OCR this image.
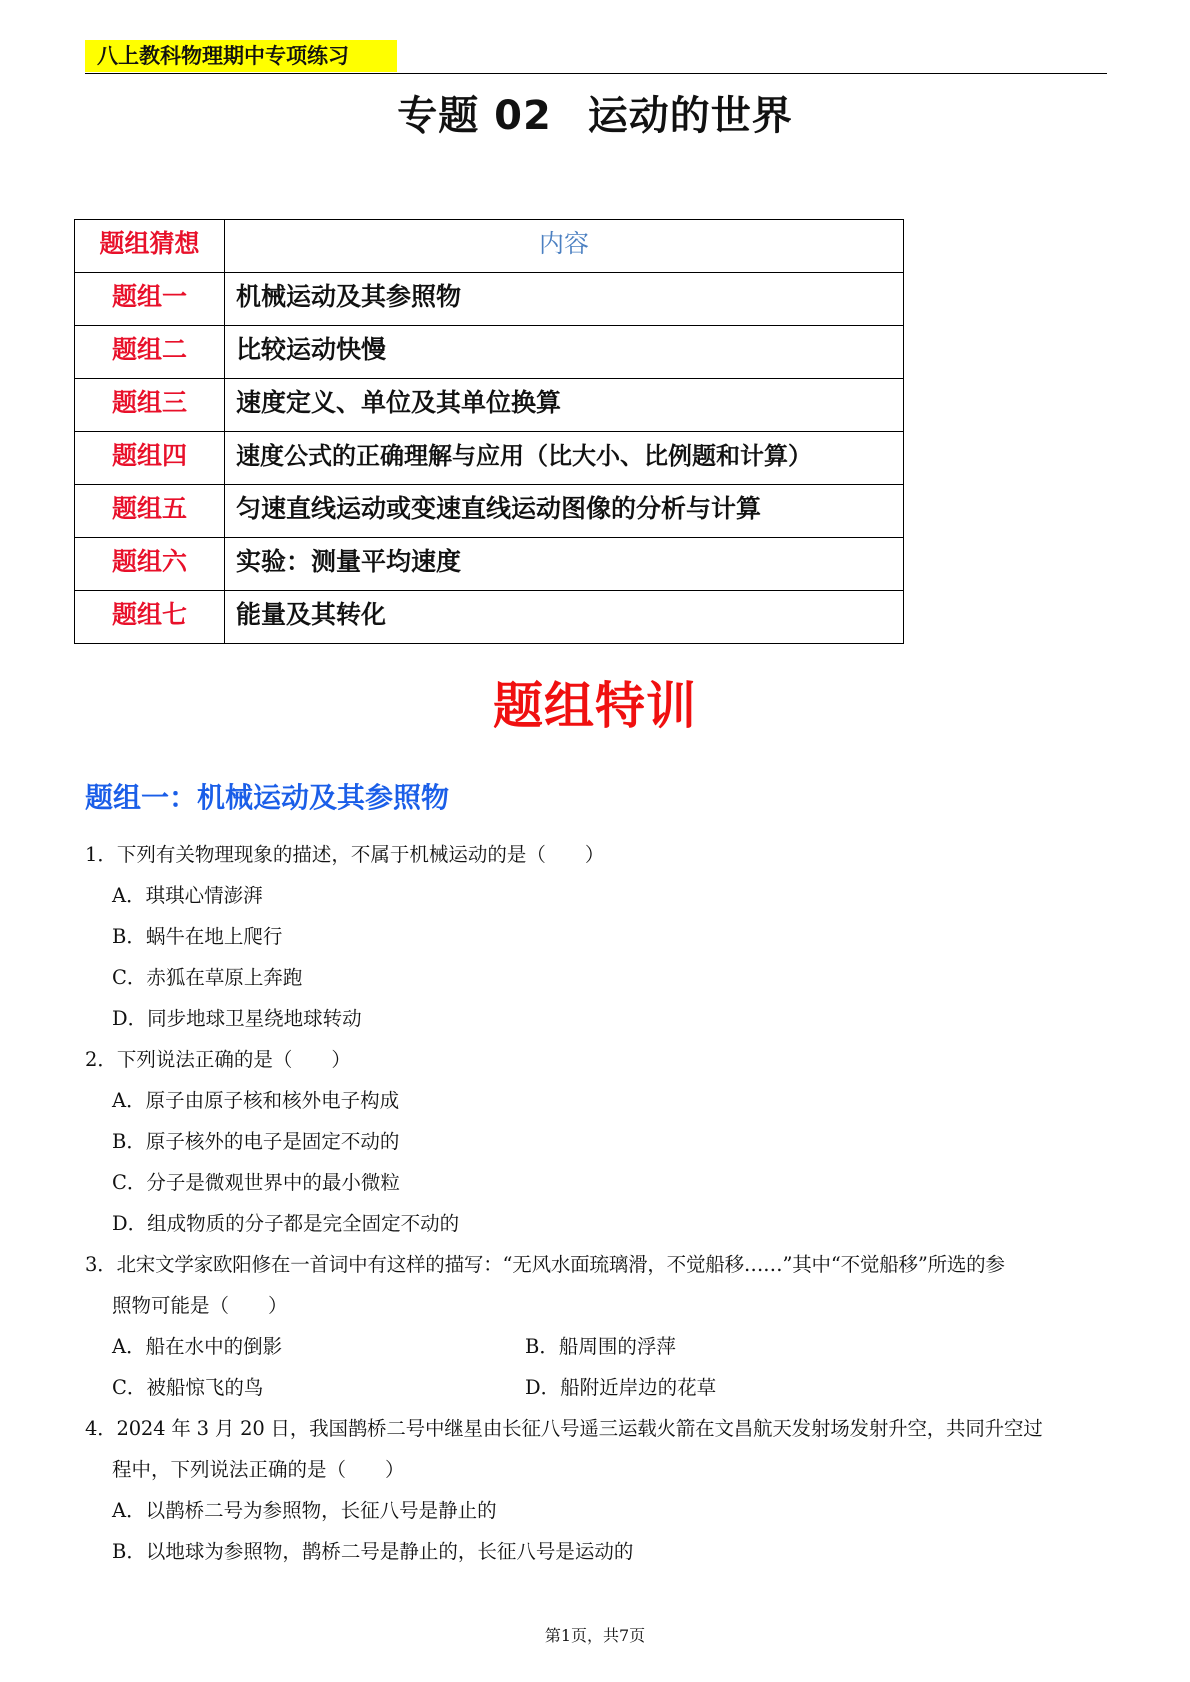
八上教科物理期中专项练习
专题 02 运动的世界
题组猜想	内容
题组一	机械运动及其参照物
题组二	比较运动快慢
题组三	速度定义、单位及其单位换算
题组四	速度公式的正确理解与应用（比大小、比例题和计算）
题组五	匀速直线运动或变速直线运动图像的分析与计算
题组六	实验：测量平均速度
题组七	能量及其转化
题组特训
题组一：机械运动及其参照物
1．下列有关物理现象的描述，不属于机械运动的是（　　）
A．琪琪心情澎湃
B．蜗牛在地上爬行
C．赤狐在草原上奔跑
D．同步地球卫星绕地球转动
2．下列说法正确的是（　　）
A．原子由原子核和核外电子构成
B．原子核外的电子是固定不动的
C．分子是微观世界中的最小微粒
D．组成物质的分子都是完全固定不动的
3．北宋文学家欧阳修在一首词中有这样的描写：“无风水面琉璃滑，不觉船移……”其中“不觉船移”所选的参
照物可能是（　　）
A．船在水中的倒影	B．船周围的浮萍
C．被船惊飞的鸟	D．船附近岸边的花草
4．2024 年 3 月 20 日，我国鹊桥二号中继星由长征八号遥三运载火箭在文昌航天发射场发射升空，共同升空过
程中，下列说法正确的是（　　）
A．以鹊桥二号为参照物，长征八号是静止的
B．以地球为参照物，鹊桥二号是静止的，长征八号是运动的
第1页，共7页
